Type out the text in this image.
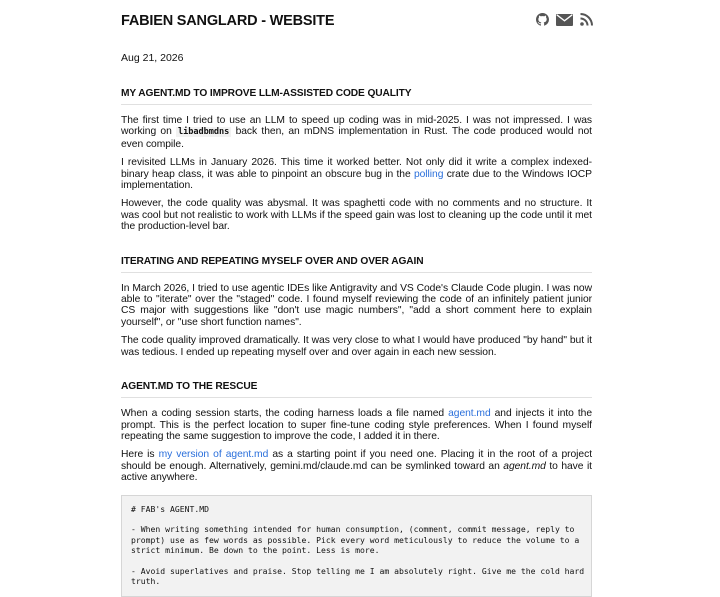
FABIEN SANGLARD - WEBSITE
Aug 21, 2026
MY AGENT.MD TO IMPROVE LLM-ASSISTED CODE QUALITY

The first time I tried to use an LLM to speed up coding was in mid-2025. I was not impressed. I was working on libadbmdns back then, an mDNS implementation in Rust. The code produced would not even compile.

I revisited LLMs in January 2026. This time it worked better. Not only did it write a complex indexed-binary heap class, it was able to pinpoint an obscure bug in the polling crate due to the Windows IOCP implementation.

However, the code quality was abysmal. It was spaghetti code with no comments and no structure. It was cool but not realistic to work with LLMs if the speed gain was lost to cleaning up the code until it met the production-level bar.

ITERATING AND REPEATING MYSELF OVER AND OVER AGAIN

In March 2026, I tried to use agentic IDEs like Antigravity and VS Code's Claude Code plugin. I was now able to "iterate" over the "staged" code. I found myself reviewing the code of an infinitely patient junior CS major with suggestions like "don't use magic numbers", "add a short comment here to explain yourself", or "use short function names".

The code quality improved dramatically. It was very close to what I would have produced "by hand" but it was tedious. I ended up repeating myself over and over again in each new session.

AGENT.MD TO THE RESCUE

When a coding session starts, the coding harness loads a file named agent.md and injects it into the prompt. This is the perfect location to super fine-tune coding style preferences. When I found myself repeating the same suggestion to improve the code, I added it in there.

Here is my version of agent.md as a starting point if you need one. Placing it in the root of a project should be enough. Alternatively, gemini.md/claude.md can be symlinked toward an agent.md to have it active anywhere.

# FAB's AGENT.MD

- When writing something intended for human consumption, (comment, commit message, reply to
prompt) use as few words as possible. Pick every word meticulously to reduce the volume to a
strict minimum. Be down to the point. Less is more.

- Avoid superlatives and praise. Stop telling me I am absolutely right. Give me the cold hard
truth.
